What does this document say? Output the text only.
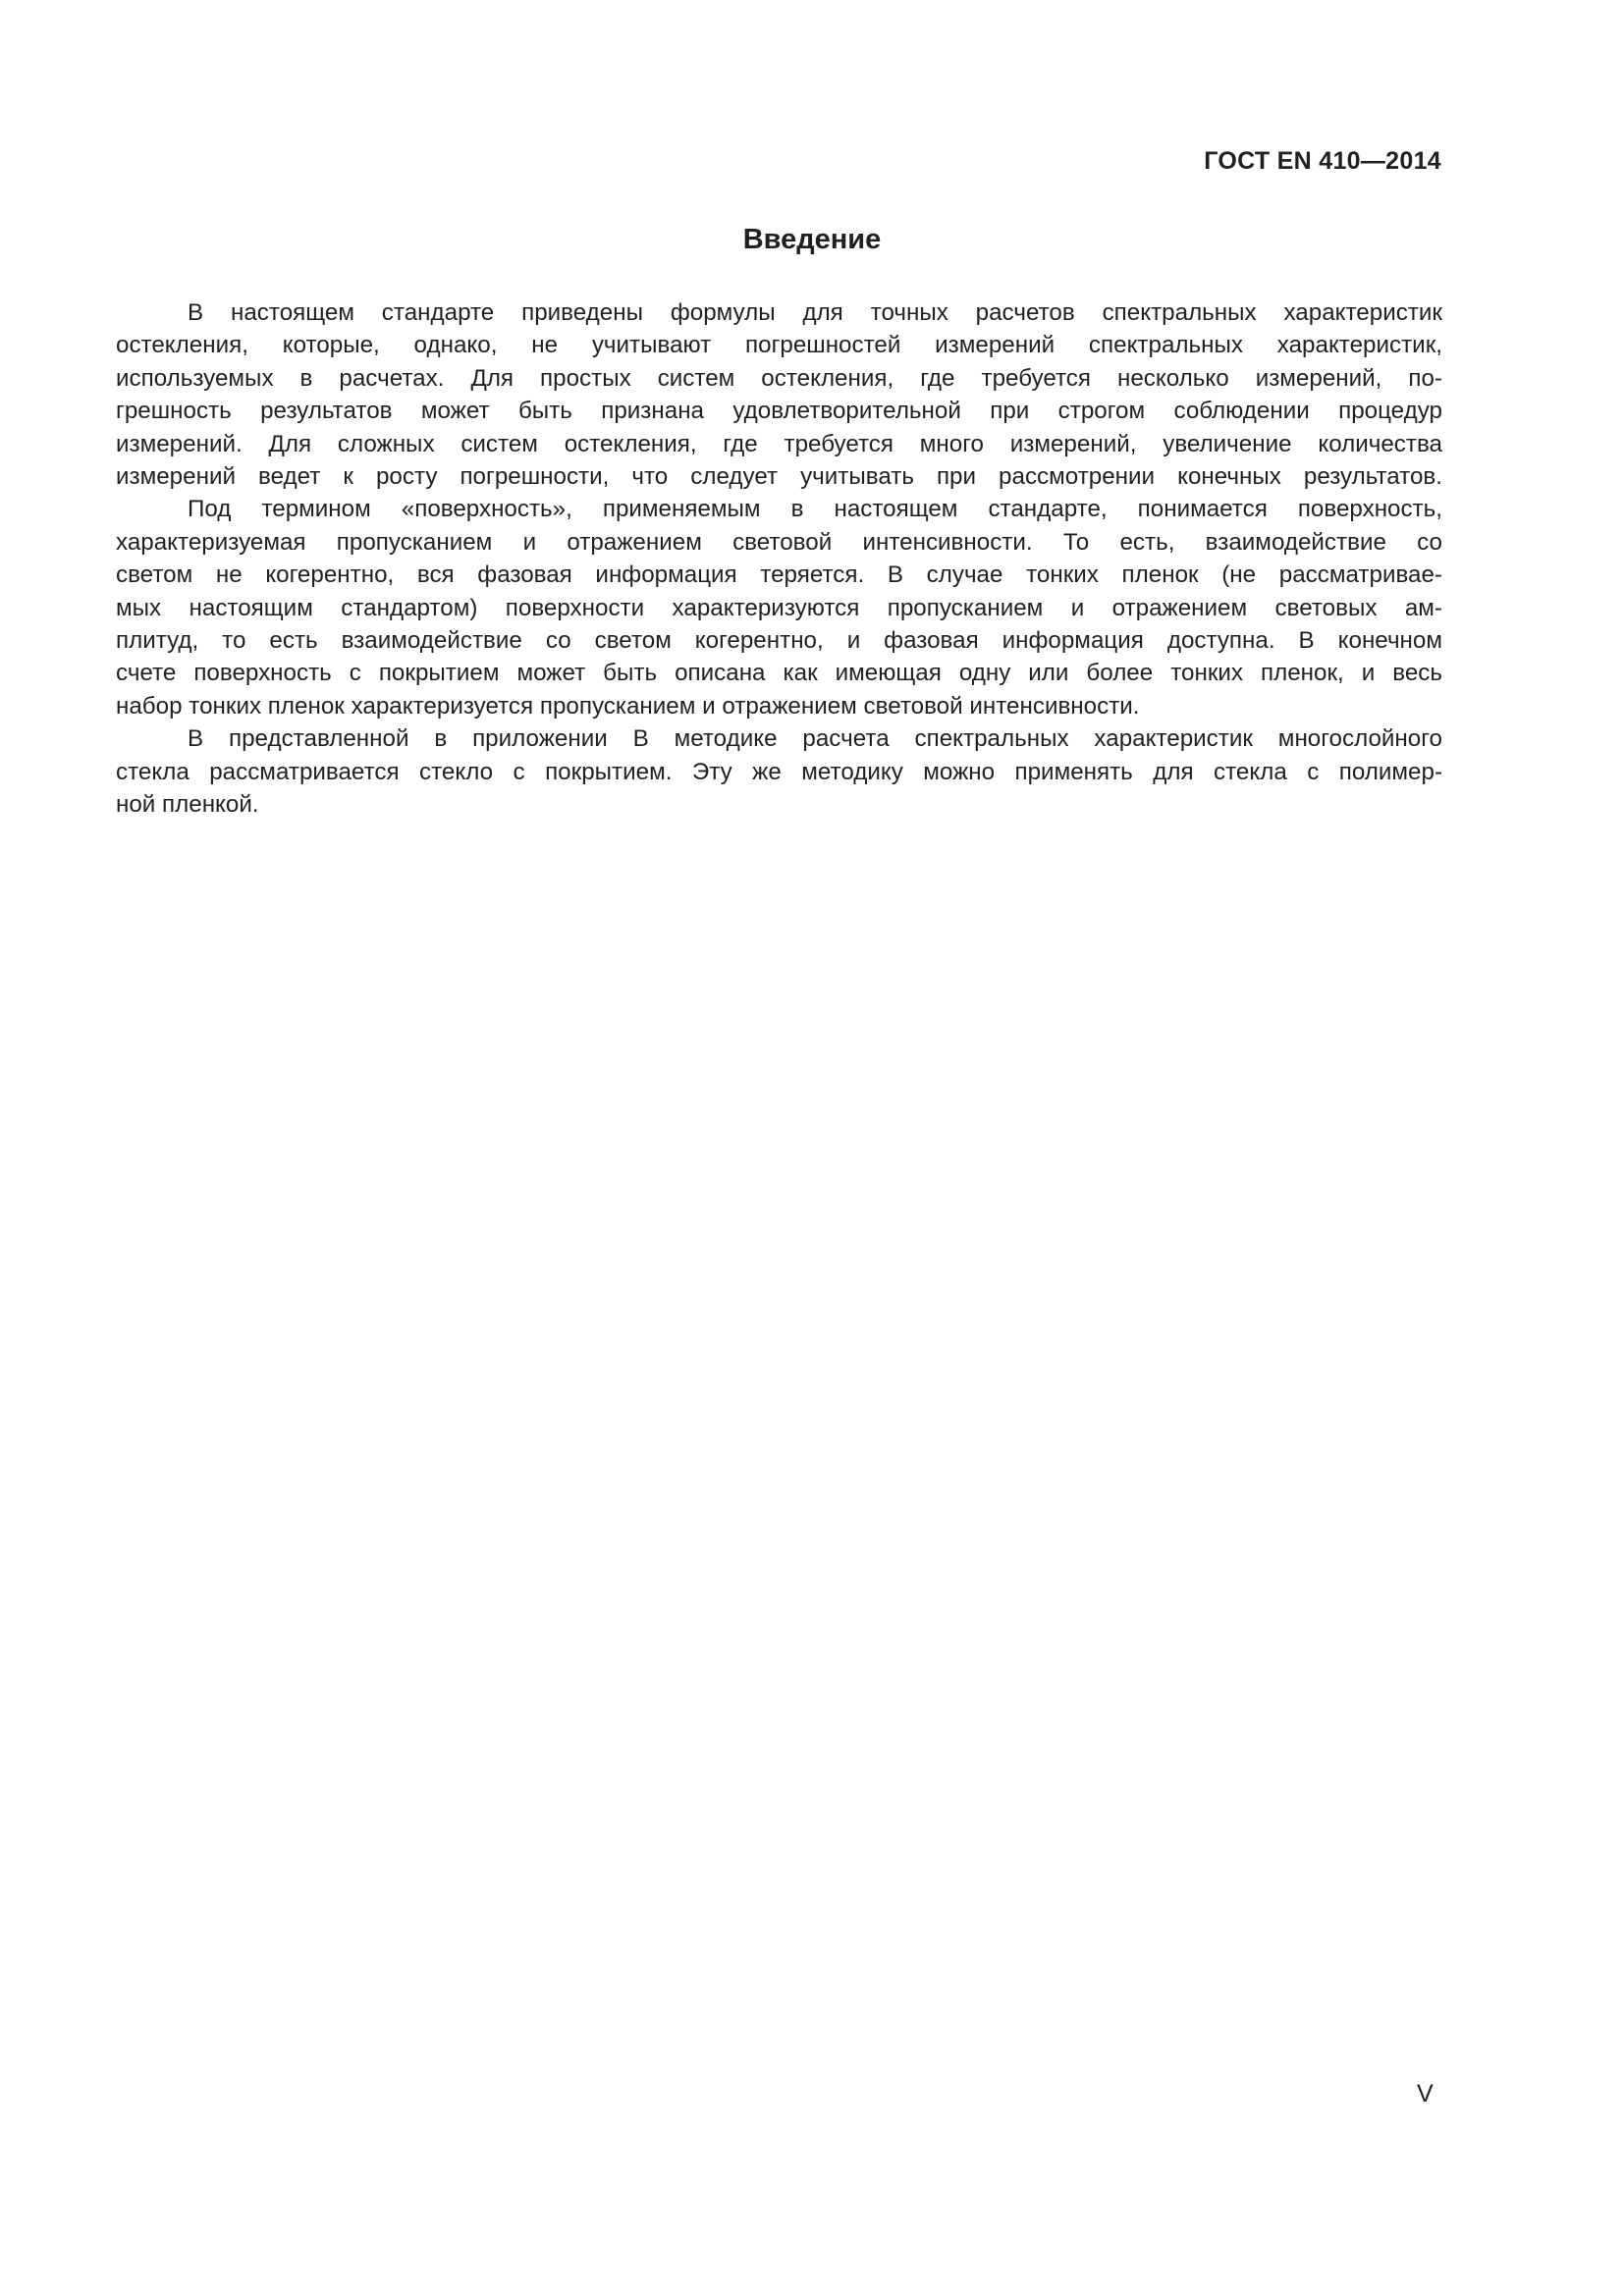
ГОСТ EN 410—2014
Введение

В настоящем стандарте приведены формулы для точных расчетов спектральных характеристик
остекления, которые, однако, не учитывают погрешностей измерений спектральных характеристик,
используемых в расчетах. Для простых систем остекления, где требуется несколько измерений, по-
грешность результатов может быть признана удовлетворительной при строгом соблюдении процедур
измерений. Для сложных систем остекления, где требуется много измерений, увеличение количества
измерений ведет к росту погрешности, что следует учитывать при рассмотрении конечных результатов.

Под термином «поверхность», применяемым в настоящем стандарте, понимается поверхность,
характеризуемая пропусканием и отражением световой интенсивности. То есть, взаимодействие со
светом не когерентно, вся фазовая информация теряется. В случае тонких пленок (не рассматривае-
мых настоящим стандартом) поверхности характеризуются пропусканием и отражением световых ам-
плитуд, то есть взаимодействие со светом когерентно, и фазовая информация доступна. В конечном
счете поверхность с покрытием может быть описана как имеющая одну или более тонких пленок, и весь
набор тонких пленок характеризуется пропусканием и отражением световой интенсивности.

В представленной в приложении В методике расчета спектральных характеристик многослойного
стекла рассматривается стекло с покрытием. Эту же методику можно применять для стекла с полимер-
ной пленкой.

V
